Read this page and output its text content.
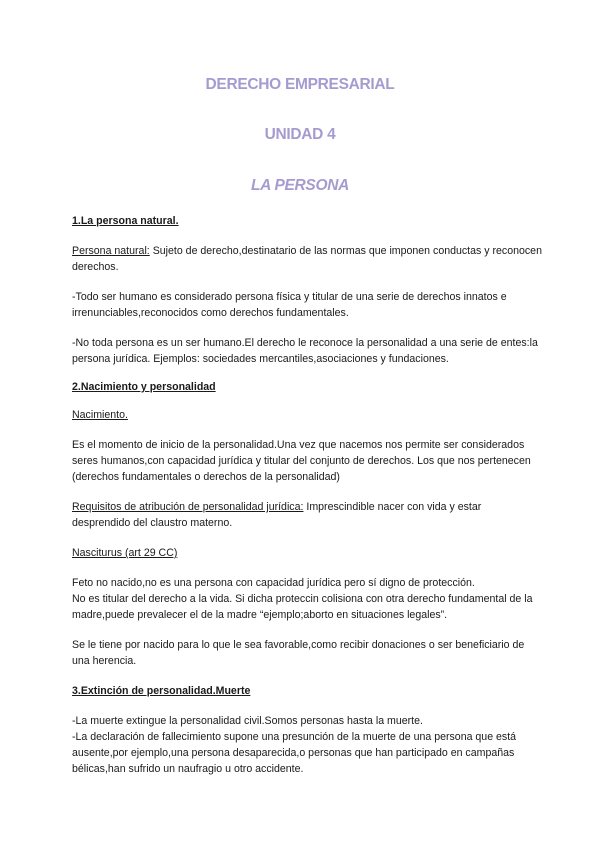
DERECHO EMPRESARIAL
UNIDAD 4
LA PERSONA

1.La persona natural.

Persona natural: Sujeto de derecho,destinatario de las normas que imponen conductas y reconocen derechos.

-Todo ser humano es considerado persona física y titular de una serie de derechos innatos e irrenunciables,reconocidos como derechos fundamentales.

-No toda persona es un ser humano.El derecho le reconoce la personalidad a una serie de entes:la persona jurídica. Ejemplos: sociedades mercantiles,asociaciones y fundaciones.

2.Nacimiento y personalidad

Nacimiento.

Es el momento de inicio de la personalidad.Una vez que nacemos nos permite ser considerados seres humanos,con capacidad jurídica y titular del conjunto de derechos. Los que nos pertenecen (derechos fundamentales o derechos de la personalidad)

Requisitos de atribución de personalidad jurídica: Imprescindible nacer con vida y estar desprendido del claustro materno.

Nasciturus (art 29 CC)

Feto no nacido,no es una persona con capacidad jurídica pero sí digno de protección.

No es titular del derecho a la vida. Si dicha proteccin colisiona con otra derecho fundamental de la madre,puede prevalecer el de la madre “ejemplo;aborto en situaciones legales”.

Se le tiene por nacido para lo que le sea favorable,como recibir donaciones o ser beneficiario de una herencia.

3.Extinción de personalidad.Muerte

-La muerte extingue la personalidad civil.Somos personas hasta la muerte.

-La declaración de fallecimiento supone una presunción de la muerte de una persona que está ausente,por ejemplo,una persona desaparecida,o personas que han participado en campañas bélicas,han sufrido un naufragio u otro accidente.
